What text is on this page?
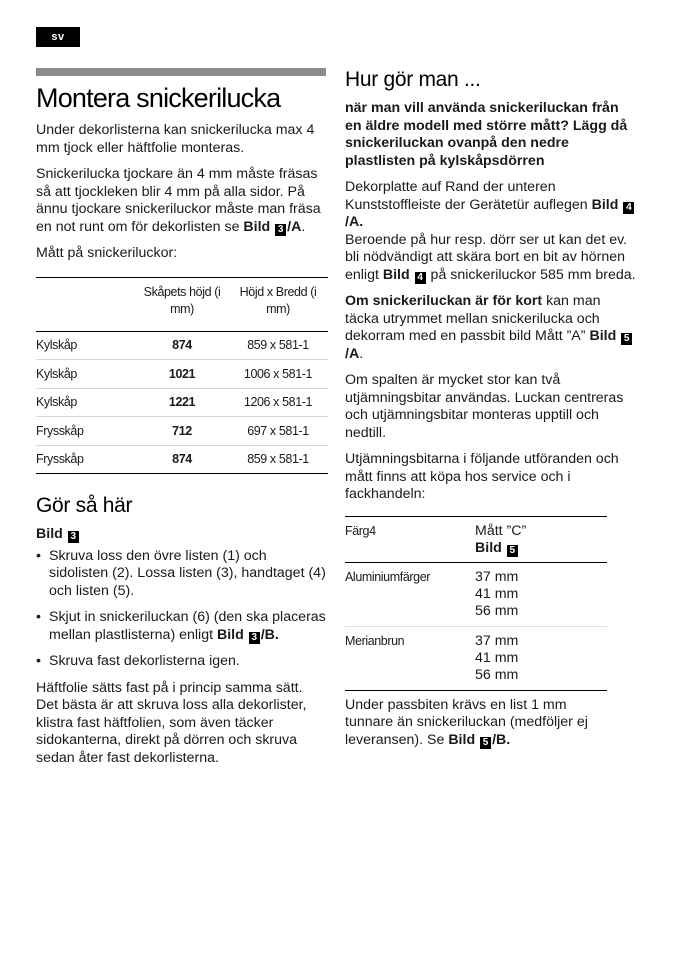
sv
Montera snickerilucka

Under dekorlisterna kan snickerilucka max 4 mm tjock eller häftfolie monteras.

Snickerilucka tjockare än 4 mm måste fräsas så att tjockleken blir 4 mm på alla sidor. På ännu tjockare snickeriluckor måste man fräsa en not runt om för dekorlisten se Bild 3 /A.

Mått på snickeriluckor:

Skåpets höjd (i mm)
Höjd x Bredd (i mm)
Kylskåp	874	859 x 581-1
Kylskåp	1021	1006 x 581-1
Kylskåp	1221	1206 x 581-1
Frysskåp	712	697 x 581-1
Frysskåp	874	859 x 581-1
Gör så här

Bild 3

• Skruva loss den övre listen (1) och sidolisten (2). Lossa listen (3), handtaget (4) och listen (5).
• Skjut in snickeriluckan (6) (den ska placeras mellan plastlisterna) enligt Bild 3 /B.
• Skruva fast dekorlisterna igen.

Häftfolie sätts fast på i princip samma sätt. Det bästa är att skruva loss alla dekorlister, klistra fast häftfolien, som även täcker sidokanterna, direkt på dörren och skruva sedan åter fast dekorlisterna.

Hur gör man ...

när man vill använda snickeriluckan från en äldre modell med större mått? Lägg då snickeriluckan ovanpå den nedre plastlisten på kylskåpsdörren

Dekorplatte auf Rand der unteren Kunststoffleiste der Gerätetür auflegen Bild 4/A.
Beroende på hur resp. dörr ser ut kan det ev. bli nödvändigt att skära bort en bit av hörnen enligt Bild 4 på snickeriluckor 585 mm breda.

Om snickeriluckan är för kort kan man täcka utrymmet mellan snickerilucka och dekorram med en passbit bild Mått ”A” Bild 5/A.

Om spalten är mycket stor kan två utjämningsbitar användas. Luckan centreras och utjämningsbitar monteras upptill och nedtill.

Utjämningsbitarna i följande utföranden och mått finns att köpa hos service och i fackhandeln:

Färg4	Mått ”C”
Bild 5
Aluminiumfärger	37 mm
41 mm
56 mm
Merianbrun	37 mm
41 mm
56 mm

Under passbiten krävs en list 1 mm tunnare än snickeriluckan (medföljer ej leveransen). Se Bild 5 /B.
